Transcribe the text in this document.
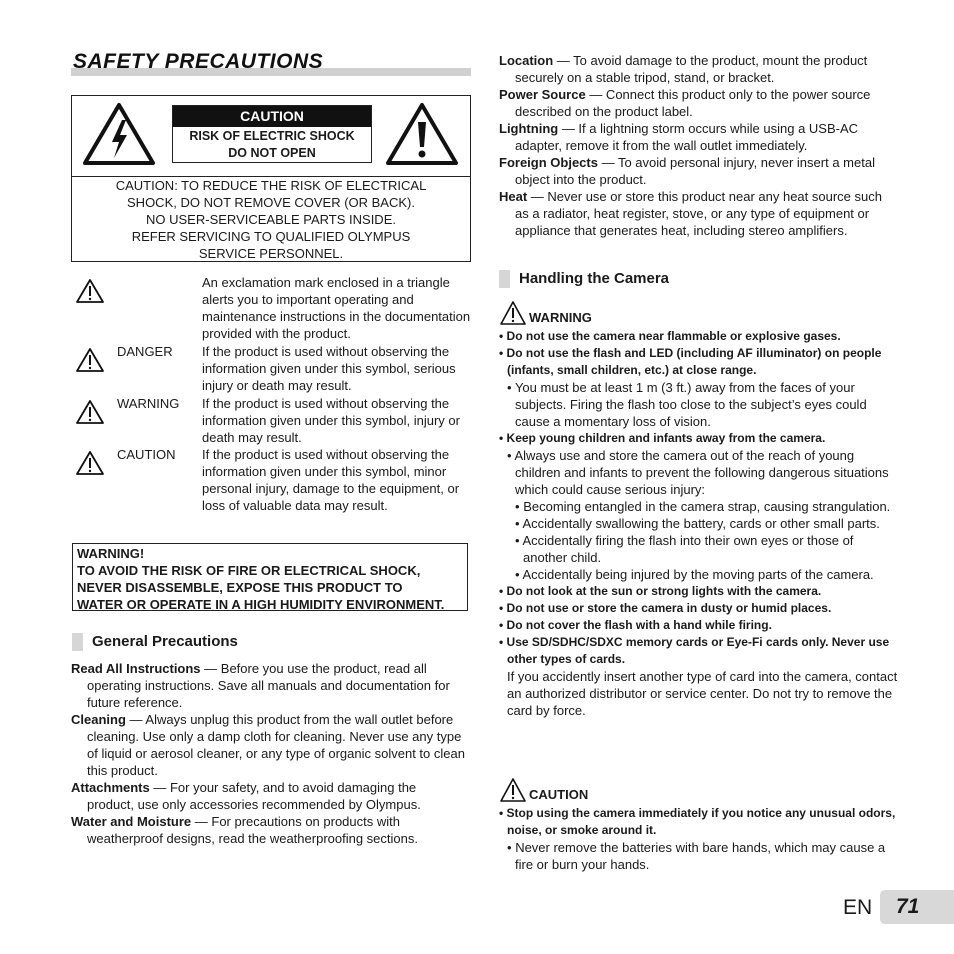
SAFETY PRECAUTIONS
CAUTION
RISK OF ELECTRIC SHOCK
DO NOT OPEN
CAUTION: TO REDUCE THE RISK OF ELECTRICAL
SHOCK, DO NOT REMOVE COVER (OR BACK).
NO USER-SERVICEABLE PARTS INSIDE.
REFER SERVICING TO QUALIFIED OLYMPUS
SERVICE PERSONNEL.
An exclamation mark enclosed in a triangle alerts you to important operating and maintenance instructions in the documentation provided with the product.
DANGER If the product is used without observing the information given under this symbol, serious injury or death may result.
WARNING If the product is used without observing the information given under this symbol, injury or death may result.
CAUTION If the product is used without observing the information given under this symbol, minor personal injury, damage to the equipment, or loss of valuable data may result.
WARNING!
TO AVOID THE RISK OF FIRE OR ELECTRICAL SHOCK,
NEVER DISASSEMBLE, EXPOSE THIS PRODUCT TO
WATER OR OPERATE IN A HIGH HUMIDITY ENVIRONMENT.
General Precautions
Read All Instructions — Before you use the product, read all operating instructions. Save all manuals and documentation for future reference.
Cleaning — Always unplug this product from the wall outlet before cleaning. Use only a damp cloth for cleaning. Never use any type of liquid or aerosol cleaner, or any type of organic solvent to clean this product.
Attachments — For your safety, and to avoid damaging the product, use only accessories recommended by Olympus.
Water and Moisture — For precautions on products with weatherproof designs, read the weatherproofing sections.
Location — To avoid damage to the product, mount the product securely on a stable tripod, stand, or bracket.
Power Source — Connect this product only to the power source described on the product label.
Lightning — If a lightning storm occurs while using a USB-AC adapter, remove it from the wall outlet immediately.
Foreign Objects — To avoid personal injury, never insert a metal object into the product.
Heat — Never use or store this product near any heat source such as a radiator, heat register, stove, or any type of equipment or appliance that generates heat, including stereo amplifiers.
Handling the Camera
WARNING
• Do not use the camera near flammable or explosive gases.
• Do not use the flash and LED (including AF illuminator) on people (infants, small children, etc.) at close range.
• You must be at least 1 m (3 ft.) away from the faces of your subjects. Firing the flash too close to the subject’s eyes could cause a momentary loss of vision.
• Keep young children and infants away from the camera.
• Always use and store the camera out of the reach of young children and infants to prevent the following dangerous situations which could cause serious injury:
• Becoming entangled in the camera strap, causing strangulation.
• Accidentally swallowing the battery, cards or other small parts.
• Accidentally firing the flash into their own eyes or those of another child.
• Accidentally being injured by the moving parts of the camera.
• Do not look at the sun or strong lights with the camera.
• Do not use or store the camera in dusty or humid places.
• Do not cover the flash with a hand while firing.
• Use SD/SDHC/SDXC memory cards or Eye-Fi cards only. Never use other types of cards.
If you accidently insert another type of card into the camera, contact an authorized distributor or service center. Do not try to remove the card by force.
CAUTION
• Stop using the camera immediately if you notice any unusual odors, noise, or smoke around it.
• Never remove the batteries with bare hands, which may cause a fire or burn your hands.
EN 71
